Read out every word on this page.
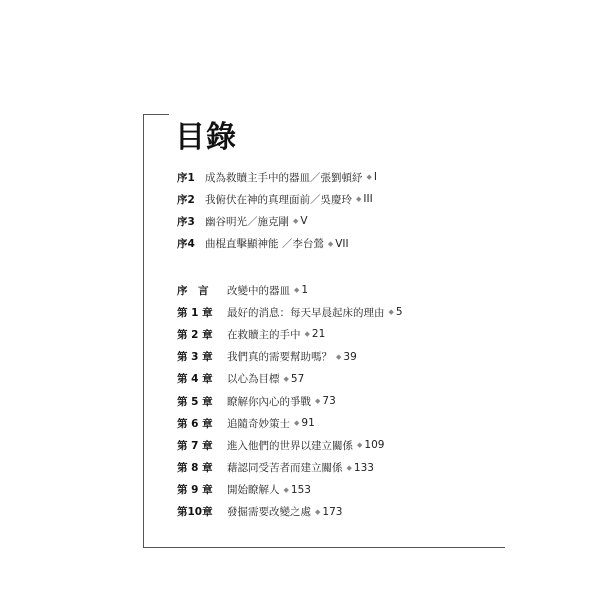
目錄
序1 成為救贖主手中的器皿／張劉頓紓 ◆ I
序2 我俯伏在神的真理面前／吳慶玲 ◆ III
序3 幽谷明光／施克剛 ◆ V
序4 曲棍直擊顯神能 ／李台鶯 ◆ VII
序　言	改變中的器皿 ◆ 1
第 1 章	最好的消息：每天早晨起床的理由 ◆ 5
第 2 章	在救贖主的手中 ◆ 21
第 3 章	我們真的需要幫助嗎？ ◆ 39
第 4 章	以心為目標 ◆ 57
第 5 章	瞭解你內心的爭戰 ◆ 73
第 6 章	追隨奇妙策士 ◆ 91
第 7 章	進入他們的世界以建立關係 ◆ 109
第 8 章	藉認同受苦者而建立關係 ◆ 133
第 9 章	開始瞭解人 ◆ 153
第10章	發掘需要改變之處 ◆ 173
